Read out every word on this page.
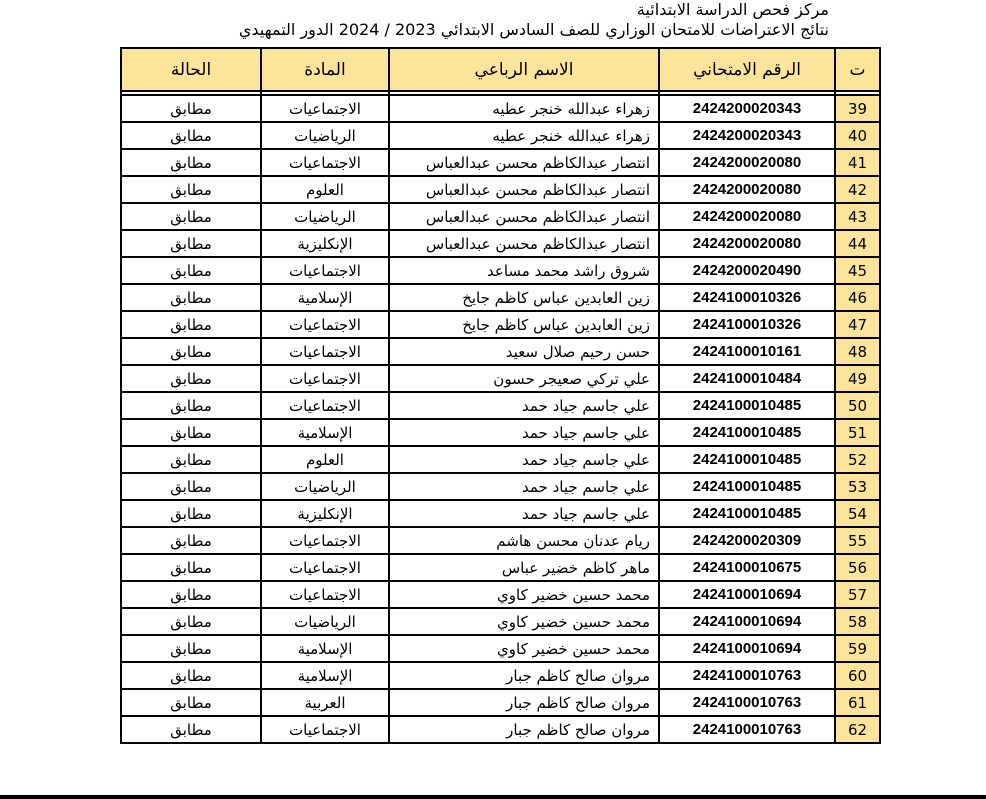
مركز فحص الدراسة الابتدائية
نتائج الاعتراضات للامتحان الوزاري للصف السادس الابتدائي 2023 / 2024 الدور التمهيدي
ت	الرقم الامتحاني	الاسم الرباعي	المادة	الحالة

39	2424200020343	زهراء عبدالله خنجر عطيه	الاجتماعيات	مطابق
40	2424200020343	زهراء عبدالله خنجر عطيه	الرياضيات	مطابق
41	2424200020080	انتصار عبدالكاظم محسن عبدالعباس	الاجتماعيات	مطابق
42	2424200020080	انتصار عبدالكاظم محسن عبدالعباس	العلوم	مطابق
43	2424200020080	انتصار عبدالكاظم محسن عبدالعباس	الرياضيات	مطابق
44	2424200020080	انتصار عبدالكاظم محسن عبدالعباس	الإنكليزية	مطابق
45	2424200020490	شروق راشد محمد مساعد	الاجتماعيات	مطابق
46	2424100010326	زين العابدين عباس كاظم جايخ	الإسلامية	مطابق
47	2424100010326	زين العابدين عباس كاظم جايخ	الاجتماعيات	مطابق
48	2424100010161	حسن رحيم صلال سعيد	الاجتماعيات	مطابق
49	2424100010484	علي تركي صعيجر حسون	الاجتماعيات	مطابق
50	2424100010485	علي جاسم جياد حمد	الاجتماعيات	مطابق
51	2424100010485	علي جاسم جياد حمد	الإسلامية	مطابق
52	2424100010485	علي جاسم جياد حمد	العلوم	مطابق
53	2424100010485	علي جاسم جياد حمد	الرياضيات	مطابق
54	2424100010485	علي جاسم جياد حمد	الإنكليزية	مطابق
55	2424200020309	ريام عدنان محسن هاشم	الاجتماعيات	مطابق
56	2424100010675	ماهر كاظم خضير عباس	الاجتماعيات	مطابق
57	2424100010694	محمد حسين خضير كاوي	الاجتماعيات	مطابق
58	2424100010694	محمد حسين خضير كاوي	الرياضيات	مطابق
59	2424100010694	محمد حسين خضير كاوي	الإسلامية	مطابق
60	2424100010763	مروان صالح كاظم جبار	الإسلامية	مطابق
61	2424100010763	مروان صالح كاظم جبار	العربية	مطابق
62	2424100010763	مروان صالح كاظم جبار	الاجتماعيات	مطابق
